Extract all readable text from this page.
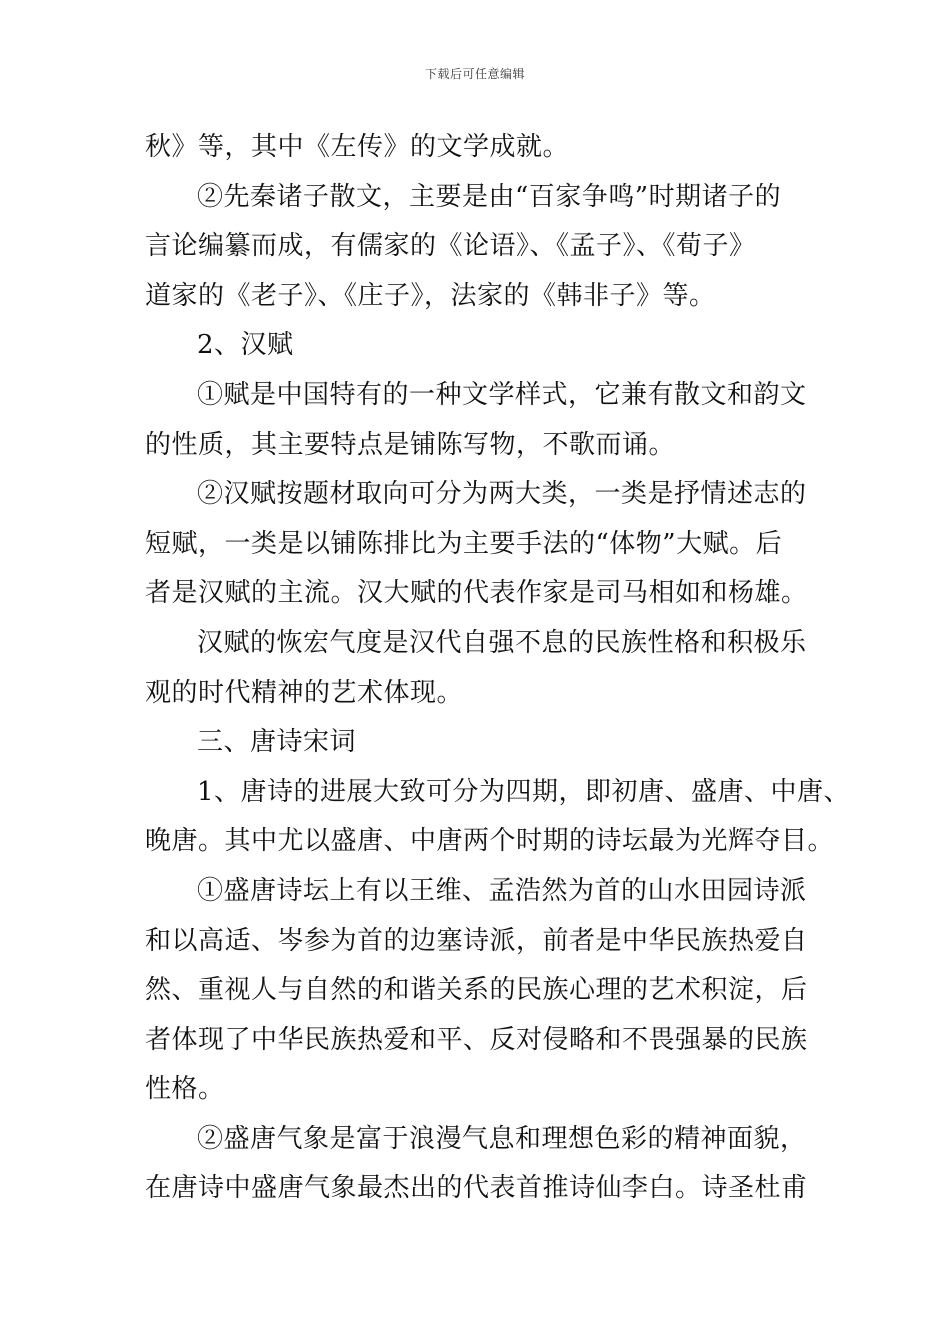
下载后可任意编辑
秋》等，其中《左传》的文学成就。
②先秦诸子散文，主要是由“百家争鸣”时期诸子的
言论编纂而成，有儒家的《论语》、《孟子》、《荀子》
道家的《老子》、《庄子》，法家的《韩非子》等。
2、汉赋
①赋是中国特有的一种文学样式，它兼有散文和韵文
的性质，其主要特点是铺陈写物，不歌而诵。
②汉赋按题材取向可分为两大类，一类是抒情述志的
短赋，一类是以铺陈排比为主要手法的“体物”大赋。后
者是汉赋的主流。汉大赋的代表作家是司马相如和杨雄。
汉赋的恢宏气度是汉代自强不息的民族性格和积极乐
观的时代精神的艺术体现。
三、唐诗宋词
1、唐诗的进展大致可分为四期，即初唐、盛唐、中唐、
晚唐。其中尤以盛唐、中唐两个时期的诗坛最为光辉夺目。
①盛唐诗坛上有以王维、孟浩然为首的山水田园诗派
和以高适、岑参为首的边塞诗派，前者是中华民族热爱自
然、重视人与自然的和谐关系的民族心理的艺术积淀，后
者体现了中华民族热爱和平、反对侵略和不畏强暴的民族
性格。
②盛唐气象是富于浪漫气息和理想色彩的精神面貌，
在唐诗中盛唐气象最杰出的代表首推诗仙李白。诗圣杜甫
